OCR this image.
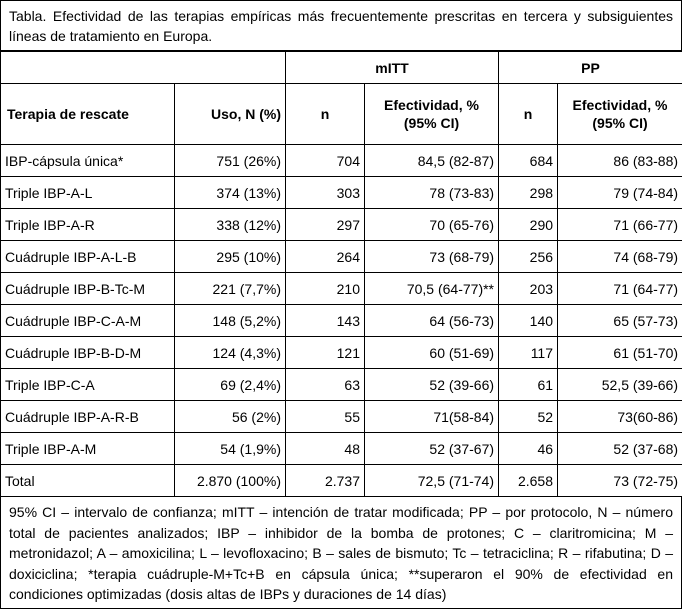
Tabla. Efectividad de las terapias empíricas más frecuentemente prescritas en tercera y subsiguientes líneas de tratamiento en Europa.
		mITT		PP	
Terapia de rescate	Uso, N (%)	n	Efectividad, % (95% CI)	n	Efectividad, % (95% CI)
IBP-cápsula única*	751 (26%)	704	84,5 (82-87)	684	86 (83-88)
Triple IBP-A-L	374 (13%)	303	78 (73-83)	298	79 (74-84)
Triple IBP-A-R	338 (12%)	297	70 (65-76)	290	71 (66-77)
Cuádruple IBP-A-L-B	295 (10%)	264	73 (68-79)	256	74 (68-79)
Cuádruple IBP-B-Tc-M	221 (7,7%)	210	70,5 (64-77)**	203	71 (64-77)
Cuádruple IBP-C-A-M	148 (5,2%)	143	64 (56-73)	140	65 (57-73)
Cuádruple IBP-B-D-M	124 (4,3%)	121	60 (51-69)	117	61 (51-70)
Triple IBP-C-A	69 (2,4%)	63	52 (39-66)	61	52,5 (39-66)
Cuádruple IBP-A-R-B	56 (2%)	55	71(58-84)	52	73(60-86)
Triple IBP-A-M	54 (1,9%)	48	52 (37-67)	46	52 (37-68)
Total	2.870 (100%)	2.737	72,5 (71-74)	2.658	73 (72-75)
95% CI – intervalo de confianza; mITT – intención de tratar modificada; PP – por protocolo, N – número total de pacientes analizados; IBP – inhibidor de la bomba de protones; C – claritromicina; M – metronidazol; A – amoxicilina; L – levofloxacino; B – sales de bismuto; Tc – tetraciclina; R – rifabutina; D – doxiciclina; *terapia cuádruple-M+Tc+B en cápsula única; **superaron el 90% de efectividad en condiciones optimizadas (dosis altas de IBPs y duraciones de 14 días)
